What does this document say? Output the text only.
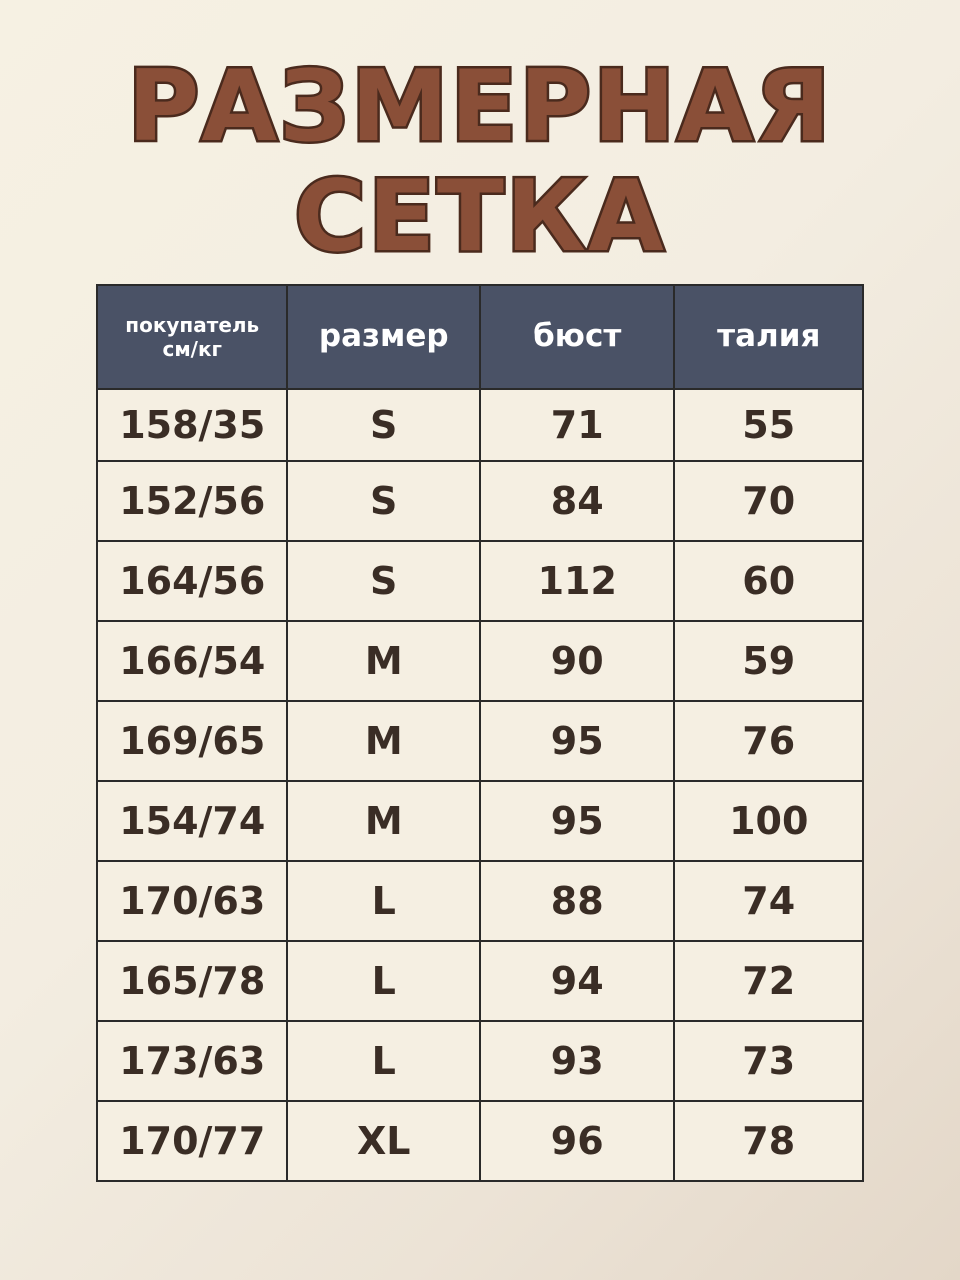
РАЗМЕРНАЯ
СЕТКА
покупатель
см/кг	размер	бюст	талия
158/35	S	71	55
152/56	S	84	70
164/56	S	112	60
166/54	M	90	59
169/65	M	95	76
154/74	M	95	100
170/63	L	88	74
165/78	L	94	72
173/63	L	93	73
170/77	XL	96	78
